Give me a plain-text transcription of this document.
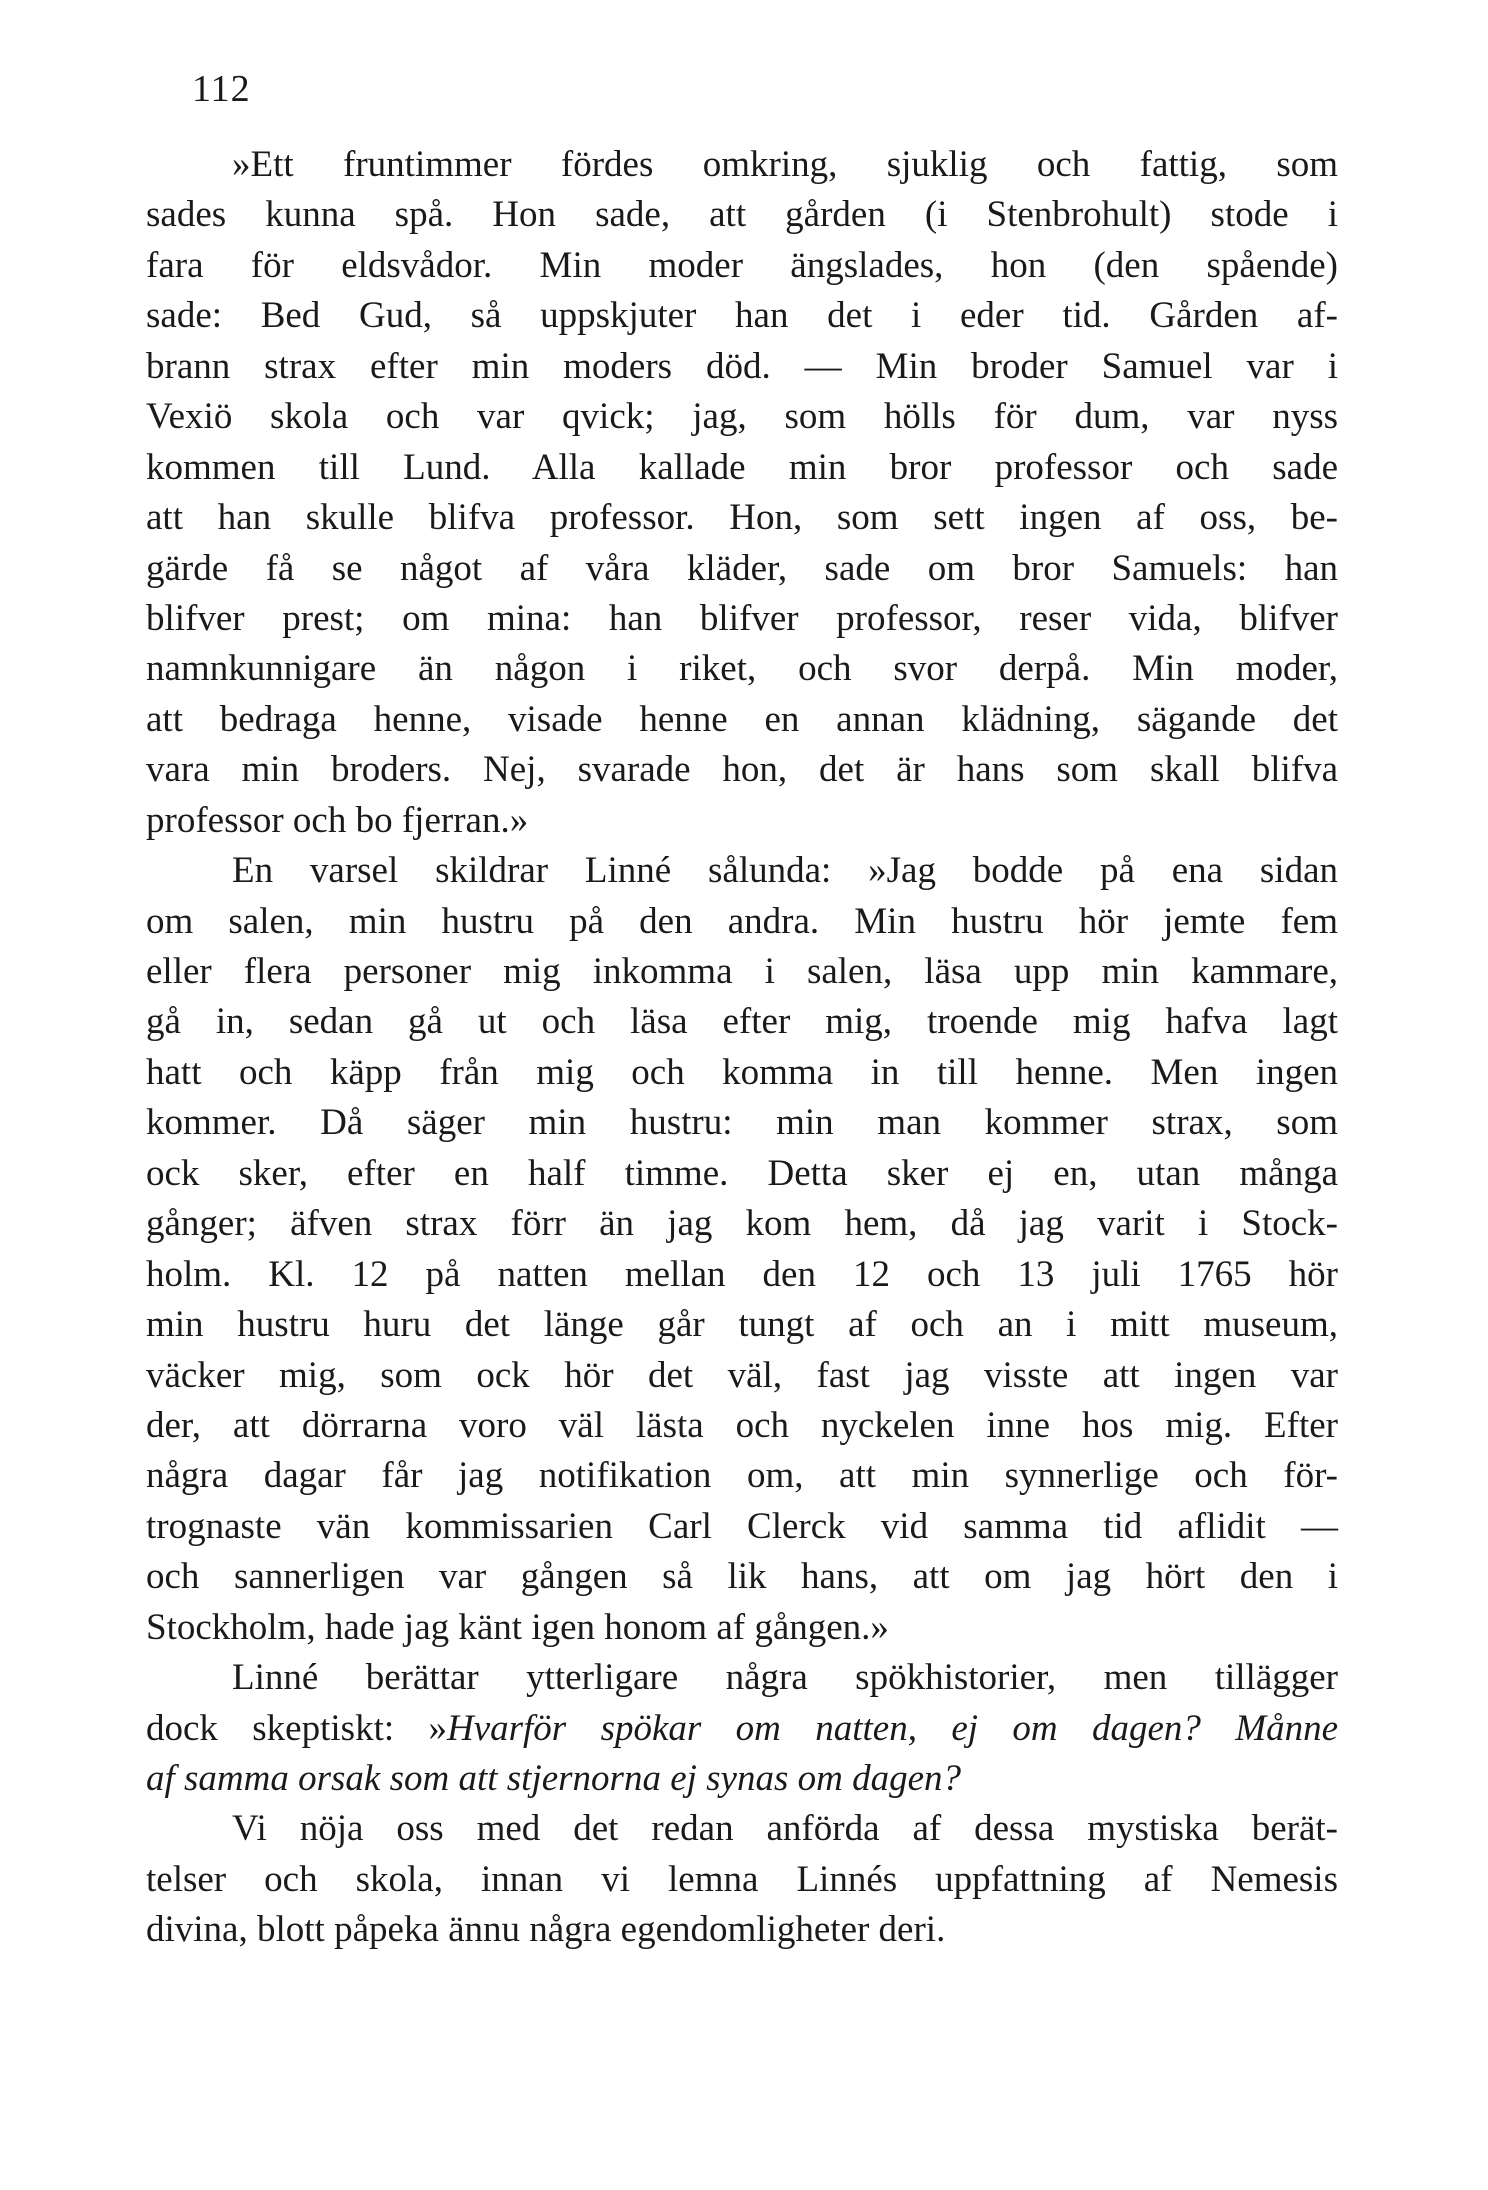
112
»Ett fruntimmer fördes omkring, sjuklig och fattig, som
sades kunna spå. Hon sade, att gården (i Stenbrohult) stode i
fara för eldsvådor. Min moder ängslades, hon (den spående)
sade: Bed Gud, så uppskjuter han det i eder tid. Gården af-
brann strax efter min moders död. — Min broder Samuel var i
Vexiö skola och var qvick; jag, som hölls för dum, var nyss
kommen till Lund. Alla kallade min bror professor och sade
att han skulle blifva professor. Hon, som sett ingen af oss, be-
gärde få se något af våra kläder, sade om bror Samuels: han
blifver prest; om mina: han blifver professor, reser vida, blifver
namnkunnigare än någon i riket, och svor derpå. Min moder,
att bedraga henne, visade henne en annan klädning, sägande det
vara min broders. Nej, svarade hon, det är hans som skall blifva
professor och bo fjerran.»
En varsel skildrar Linné sålunda: »Jag bodde på ena sidan
om salen, min hustru på den andra. Min hustru hör jemte fem
eller flera personer mig inkomma i salen, läsa upp min kammare,
gå in, sedan gå ut och läsa efter mig, troende mig hafva lagt
hatt och käpp från mig och komma in till henne. Men ingen
kommer. Då säger min hustru: min man kommer strax, som
ock sker, efter en half timme. Detta sker ej en, utan många
gånger; äfven strax förr än jag kom hem, då jag varit i Stock-
holm. Kl. 12 på natten mellan den 12 och 13 juli 1765 hör
min hustru huru det länge går tungt af och an i mitt museum,
väcker mig, som ock hör det väl, fast jag visste att ingen var
der, att dörrarna voro väl lästa och nyckelen inne hos mig. Efter
några dagar får jag notifikation om, att min synnerlige och för-
trognaste vän kommissarien Carl Clerck vid samma tid aflidit —
och sannerligen var gången så lik hans, att om jag hört den i
Stockholm, hade jag känt igen honom af gången.»
Linné berättar ytterligare några spökhistorier, men tillägger
dock skeptiskt: »Hvarför spökar om natten, ej om dagen? Månne
af samma orsak som att stjernorna ej synas om dagen?
Vi nöja oss med det redan anförda af dessa mystiska berät-
telser och skola, innan vi lemna Linnés uppfattning af Nemesis
divina, blott påpeka ännu några egendomligheter deri.
